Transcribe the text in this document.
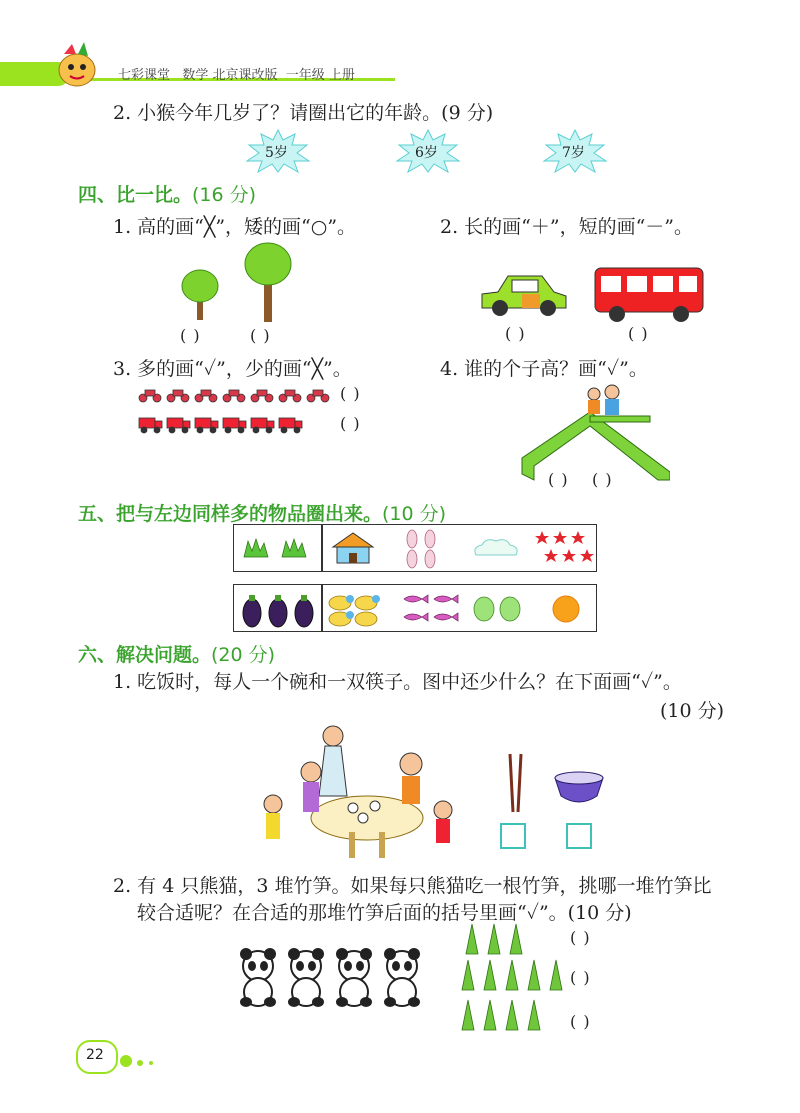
七彩课堂   数学 北京课改版  一年级 上册
2. 小猴今年几岁了？请圈出它的年龄。(9 分)
5岁	6岁	7岁
四、比一比。(16 分)
1. 高的画“╳”，矮的画“○”。	2. 长的画“＋”，短的画“－”。
( )	( )	( )	( )
3. 多的画“✓”，少的画“╳”。	4. 谁的个子高？画“✓”。
( )
( )
( ) ( )
五、把与左边同样多的物品圈出来。(10 分)
六、解决问题。(20 分)
1. 吃饭时，每人一个碗和一双筷子。图中还少什么？在下面画“✓”。
(10 分)
2. 有 4 只熊猫，3 堆竹笋。如果每只熊猫吃一根竹笋，挑哪一堆竹笋比
较合适呢？在合适的那堆竹笋后面的括号里画“✓”。(10 分)
( )
( )
( )
22
